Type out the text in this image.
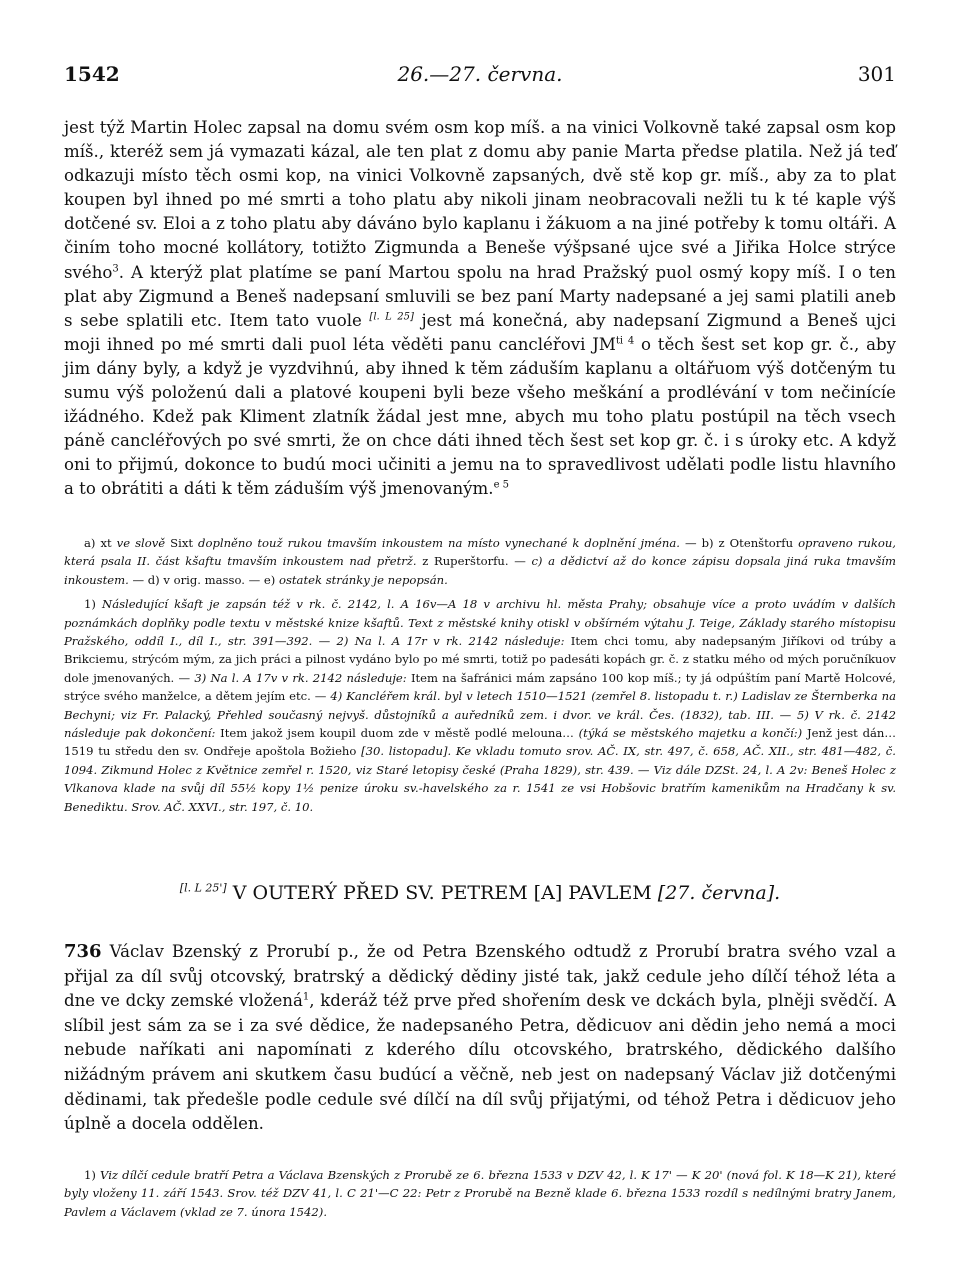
1542	26.—27. června.	301
jest týž Martin Holec zapsal na domu svém osm kop míš. a na vinici Volkovně také zapsal osm kop míš., kteréž sem já vymazati kázal, ale ten plat z domu aby panie Marta předse platila. Než já teď odkazuji místo těch osmi kop, na vinici Volkovně zapsaných, dvě stě kop gr. míš., aby za to plat koupen byl ihned po mé smrti a toho platu aby nikoli jinam neobracovali nežli tu k té kaple výš dotčené sv. Eloi a z toho platu aby dáváno bylo kaplanu i žákuom a na jiné potřeby k tomu oltáři. A činím toho mocné kollátory, totižto Zigmunda a Beneše výšpsané ujce své a Jiřika Holce strýce svého$^3$. A kterýž plat platíme se paní Martou spolu na hrad Pražský puol osmý kopy míš. I o ten plat aby Zigmund a Beneš nadepsaní smluvili se bez paní Marty nadepsané a jej sami platili aneb s sebe splatili etc. Item tato vuole [l. L 25] jest má konečná, aby nadepsaní Zigmund a Beneš ujci moji ihned po mé smrti dali puol léta věděti panu cancléřovi $JM^{ti 4}$ o těch šest set kop gr. č., aby jim dány byly, a když je vyzdvihnú, aby ihned k těm záduším kaplanu a oltářuom výš dotčeným tu sumu výš položenú dali a platové koupeni byli beze všeho meškání a prodlévání v tom nečinícíe ižádného. Kdež pak Kliment zlatník žádal jest mne, abych mu toho platu postúpil na těch vsech páně cancléřových po své smrti, že on chce dáti ihned těch šest set kop gr. č. i s úroky etc. A když oni to přijmú, dokonce to budú moci učiniti a jemu na to spravedlivost udělati podle listu hlavního a to obrátiti a dáti k těm záduším výš jmenovaným.$^{e 5}$

a) xt ve slově Sixt doplněno touž rukou tmavším inkoustem na místo vynechané k doplnění jména. — b) z Otenštorfu opraveno rukou, která psala II. část kšaftu tmavším inkoustem nad přetrž. z Ruperštorfu. — c) a dědictví až do konce zápisu dopsala jiná ruka tmavším inkoustem. — d) v orig. masso. — e) ostatek stránky je nepopsán.

1) Následující kšaft je zapsán též v rk. č. 2142, l. A 16v—A 18 v archivu hl. města Prahy; obsahuje více a proto uvádím v dalších poznámkách doplňky podle textu v městské knize kšaftů. Text z městské knihy otiskl v obšírném výtahu J. Teige, Základy starého místopisu Pražského, oddíl I., díl I., str. 391—392. — 2) Na l. A 17r v rk. 2142 následuje: Item chci tomu, aby nadepsaným Jiříkovi od trúby a Brikciemu, strýcóm mým, za jich práci a pilnost vydáno bylo po mé smrti, totiž po padesáti kopách gr. č. z statku mého od mých poručníkuov dole jmenovaných. — 3) Na l. A 17v v rk. 2142 následuje: Item na šafránici mám zapsáno 100 kop míš.; ty já odpúštím paní Martě Holcové, strýce svého manželce, a dětem jejím etc. — 4) Kancléřem král. byl v letech 1510—1521 (zemřel 8. listopadu t. r.) Ladislav ze Šternberka na Bechyni; viz Fr. Palacký, Přehled současný nejvyš. důstojníků a auředníků zem. i dvor. ve král. Čes. (1832), tab. III. — 5) V rk. č. 2142 následuje pak dokončení: Item jakož jsem koupil duom zde v městě podlé melouna… (týká se městského majetku a končí:) Jenž jest dán… 1519 tu středu den sv. Ondřeje apoštola Božieho [30. listopadu]. Ke vkladu tomuto srov. AČ. IX, str. 497, č. 658, AČ. XII., str. 481—482, č. 1094. Zikmund Holec z Květnice zemřel r. 1520, viz Staré letopisy české (Praha 1829), str. 439. — Viz dále DZSt. 24, l. A 2v: Beneš Holec z Vlkanova klade na svůj díl 55½ kopy 1½ penize úroku sv.-havelského za r. 1541 ze vsi Hobšovic bratřím kamenikům na Hradčany k sv. Benediktu. Srov. AČ. XXVI., str. 197, č. 10.

[l. L 25'] V OUTERÝ PŘED SV. PETREM [A] PAVLEM [27. června].
736 Václav Bzenský z Prorubí p., že od Petra Bzenského odtudž z Prorubí bratra svého vzal a přijal za díl svůj otcovský, bratrský a dědický dědiny jisté tak, jakž cedule jeho dílčí téhož léta a dne ve dcky zemské vložená$^1$, kderáž též prve před shořením desk ve dckách byla, plněji svědčí. A slíbil jest sám za se i za své dědice, že nadepsaného Petra, dědicuov ani dědin jeho nemá a moci nebude naříkati ani napomínati z kderého dílu otcovského, bratrského, dědického dalšího nižádným právem ani skutkem času budúcí a věčně, neb jest on nadepsaný Václav již dotčenými dědinami, tak předešle podle cedule své dílčí na díl svůj přijatými, od téhož Petra i dědicuov jeho úplně a docela oddělen.

1) Viz dílčí cedule bratří Petra a Václava Bzenských z Prorubě ze 6. března 1533 v DZV 42, l. K 17' — K 20' (nová fol. K 18—K 21), které byly vloženy 11. září 1543. Srov. též DZV 41, l. C 21'—C 22: Petr z Prorubě na Bezně klade 6. března 1533 rozdíl s nedílnými bratry Janem, Pavlem a Václavem (vklad ze 7. února 1542).
